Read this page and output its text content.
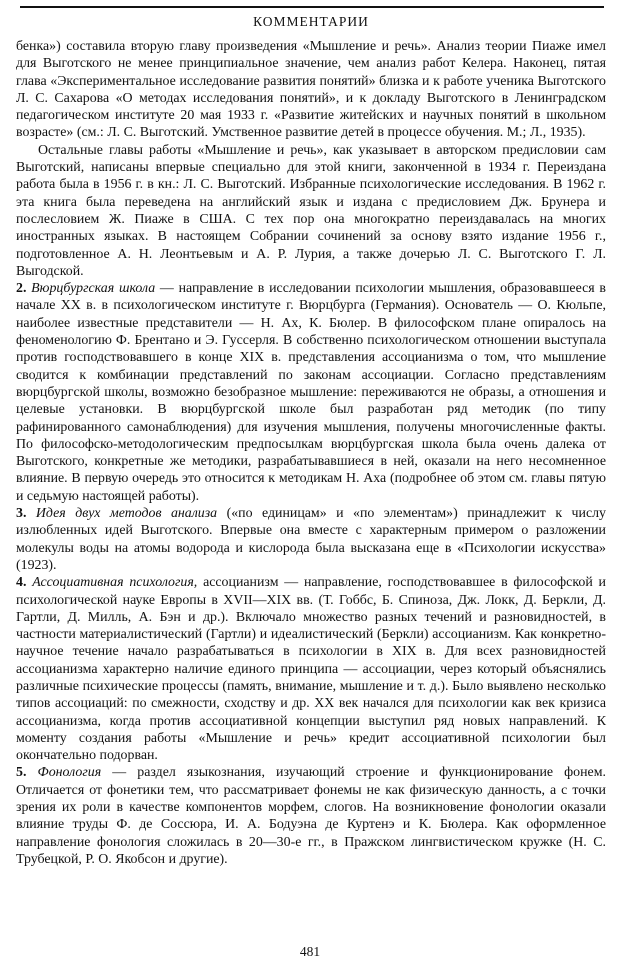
КОММЕНТАРИИ

бенка») составила вторую главу произведения «Мышление и речь». Анализ теории Пиаже имел для Выготского не менее принципиальное значение, чем анализ работ Келера. Наконец, пятая глава «Экспериментальное исследование развития понятий» близка и к работе ученика Выготского Л. С. Сахарова «О методах исследования понятий», и к докладу Выготского в Ленинградском педагогическом институте 20 мая 1933 г. «Развитие житейских и научных понятий в школьном возрасте» (см.: Л. С. Выготский. Умственное развитие детей в процессе обучения. М.; Л., 1935).

Остальные главы работы «Мышление и речь», как указывает в авторском предисловии сам Выготский, написаны впервые специально для этой книги, законченной в 1934 г. Переиздана работа была в 1956 г. в кн.: Л. С. Выготский. Избранные психологические исследования. В 1962 г. эта книга была переведена на английский язык и издана с предисловием Дж. Брунера и послесловием Ж. Пиаже в США. С тех пор она многократно переиздавалась на многих иностранных языках. В настоящем Собрании сочинений за основу взято издание 1956 г., подготовленное А. Н. Леонтьевым и А. Р. Лурия, а также дочерью Л. С. Выготского Г. Л. Выгодской.

2. Вюрцбургская школа — направление в исследовании психологии мышления, образовавшееся в начале XX в. в психологическом институте г. Вюрцбурга (Германия). Основатель — О. Кюльпе, наиболее известные представители — Н. Ах, К. Бюлер. В философском плане опиралось на феноменологию Ф. Брентано и Э. Гуссерля. В собственно психологическом отношении выступала против господствовавшего в конце XIX в. представления ассоцианизма о том, что мышление сводится к комбинации представлений по законам ассоциации. Согласно представлениям вюрцбургской школы, возможно безобразное мышление: переживаются не образы, а отношения и целевые установки. В вюрцбургской школе был разработан ряд методик (по типу рафинированного самонаблюдения) для изучения мышления, получены многочисленные факты. По философско-методологическим предпосылкам вюрцбургская школа была очень далека от Выготского, конкретные же методики, разрабатывавшиеся в ней, оказали на него несомненное влияние. В первую очередь это относится к методикам Н. Аха (подробнее об этом см. главы пятую и седьмую настоящей работы).

3. Идея двух методов анализа («по единицам» и «по элементам») принадлежит к числу излюбленных идей Выготского. Впервые она вместе с характерным примером о разложении молекулы воды на атомы водорода и кислорода была высказана еще в «Психологии искусства» (1923).

4. Ассоциативная психология, ассоцианизм — направление, господствовавшее в философской и психологической науке Европы в XVII—XIX вв. (Т. Гоббс, Б. Спиноза, Дж. Локк, Д. Беркли, Д. Гартли, Д. Милль, А. Бэн и др.). Включало множество разных течений и разновидностей, в частности материалистический (Гартли) и идеалистический (Беркли) ассоцианизм. Как конкретно-научное течение начало разрабатываться в психологии в XIX в. Для всех разновидностей ассоцианизма характерно наличие единого принципа — ассоциации, через который объяснялись различные психические процессы (память, внимание, мышление и т. д.). Было выявлено несколько типов ассоциаций: по смежности, сходству и др. XX век начался для психологии как век кризиса ассоцианизма, когда против ассоциативной концепции выступил ряд новых направлений. К моменту создания работы «Мышление и речь» кредит ассоциативной психологии был окончательно подорван.

5. Фонология — раздел языкознания, изучающий строение и функционирование фонем. Отличается от фонетики тем, что рассматривает фонемы не как физическую данность, а с точки зрения их роли в качестве компонентов морфем, слогов. На возникновение фонологии оказали влияние труды Ф. де Соссюра, И. А. Бодуэна де Куртенэ и К. Бюлера. Как оформленное направление фонология сложилась в 20—30-е гг., в Пражском лингвистическом кружке (Н. С. Трубецкой, Р. О. Якобсон и другие).

481
